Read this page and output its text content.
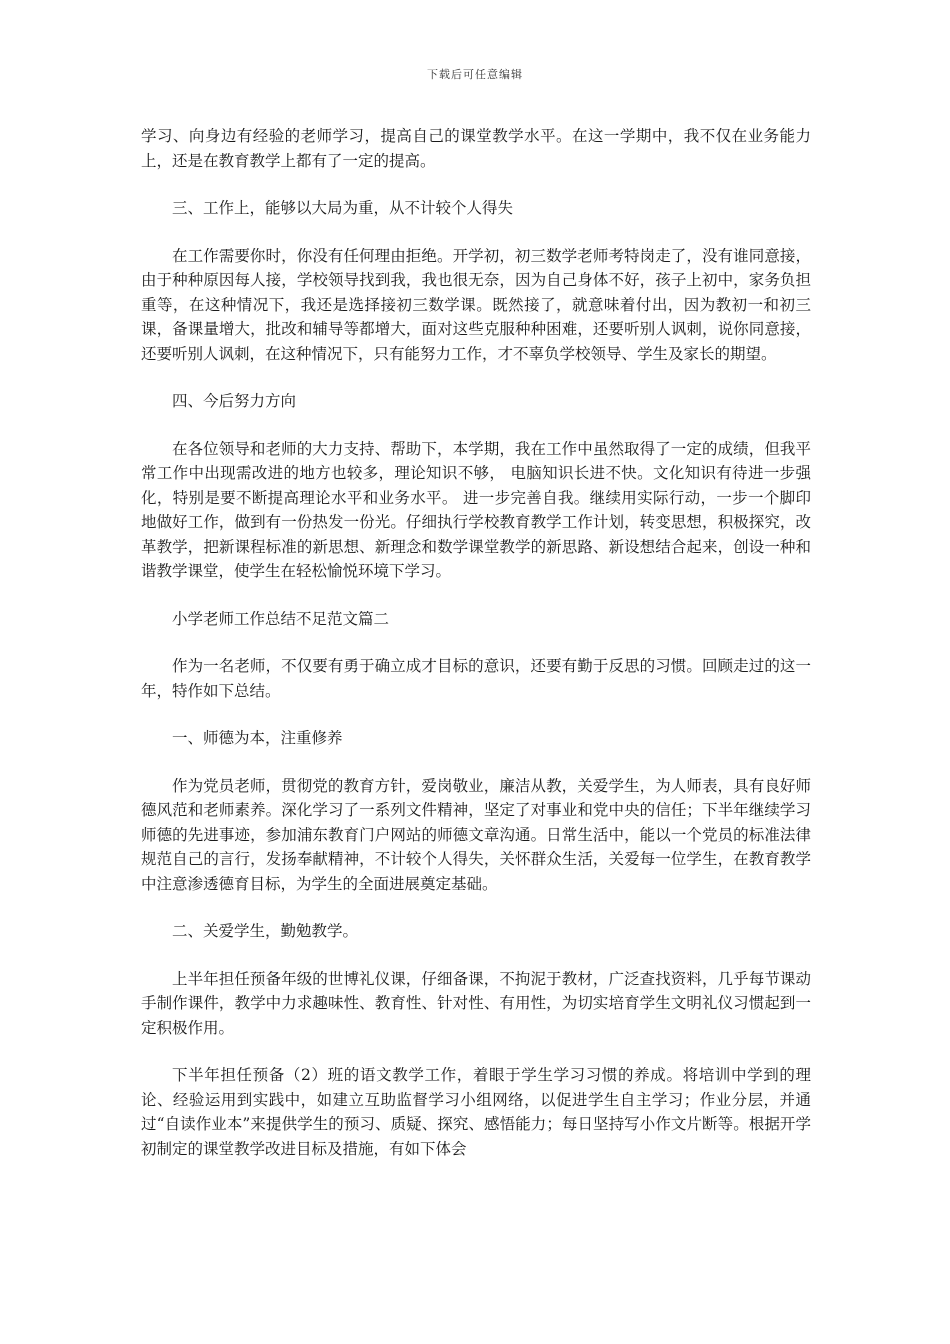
下载后可任意编辑

学习、向身边有经验的老师学习，提高自己的课堂教学水平。在这一学期中，我不仅在业务能力上，还是在教育教学上都有了一定的提高。

三、工作上，能够以大局为重，从不计较个人得失

在工作需要你时，你没有任何理由拒绝。开学初，初三数学老师考特岗走了，没有谁同意接，由于种种原因每人接，学校领导找到我，我也很无奈，因为自己身体不好，孩子上初中，家务负担重等，在这种情况下，我还是选择接初三数学课。既然接了，就意味着付出，因为教初一和初三课，备课量增大，批改和辅导等都增大，面对这些克服种种困难，还要听别人讽刺，说你同意接，还要听别人讽刺，在这种情况下，只有能努力工作，才不辜负学校领导、学生及家长的期望。

四、今后努力方向

在各位领导和老师的大力支持、帮助下，本学期，我在工作中虽然取得了一定的成绩，但我平常工作中出现需改进的地方也较多，理论知识不够， 电脑知识长进不快。文化知识有待进一步强化，特别是要不断提高理论水平和业务水平。 进一步完善自我。继续用实际行动，一步一个脚印地做好工作，做到有一份热发一份光。仔细执行学校教育教学工作计划，转变思想，积极探究，改革教学，把新课程标准的新思想、新理念和数学课堂教学的新思路、新设想结合起来，创设一种和谐教学课堂，使学生在轻松愉悦环境下学习。

小学老师工作总结不足范文篇二

作为一名老师，不仅要有勇于确立成才目标的意识，还要有勤于反思的习惯。回顾走过的这一年，特作如下总结。

一、师德为本，注重修养

作为党员老师，贯彻党的教育方针，爱岗敬业，廉洁从教，关爱学生，为人师表，具有良好师德风范和老师素养。深化学习了一系列文件精神，坚定了对事业和党中央的信任；下半年继续学习师德的先进事迹，参加浦东教育门户网站的师德文章沟通。日常生活中，能以一个党员的标准法律规范自己的言行，发扬奉献精神，不计较个人得失，关怀群众生活，关爱每一位学生，在教育教学中注意渗透德育目标，为学生的全面进展奠定基础。

二、关爱学生，勤勉教学。

上半年担任预备年级的世博礼仪课，仔细备课，不拘泥于教材，广泛查找资料，几乎每节课动手制作课件，教学中力求趣味性、教育性、针对性、有用性，为切实培育学生文明礼仪习惯起到一定积极作用。

下半年担任预备（2）班的语文教学工作，着眼于学生学习习惯的养成。将培训中学到的理论、经验运用到实践中，如建立互助监督学习小组网络，以促进学生自主学习；作业分层，并通过“自读作业本”来提供学生的预习、质疑、探究、感悟能力；每日坚持写小作文片断等。根据开学初制定的课堂教学改进目标及措施，有如下体会
